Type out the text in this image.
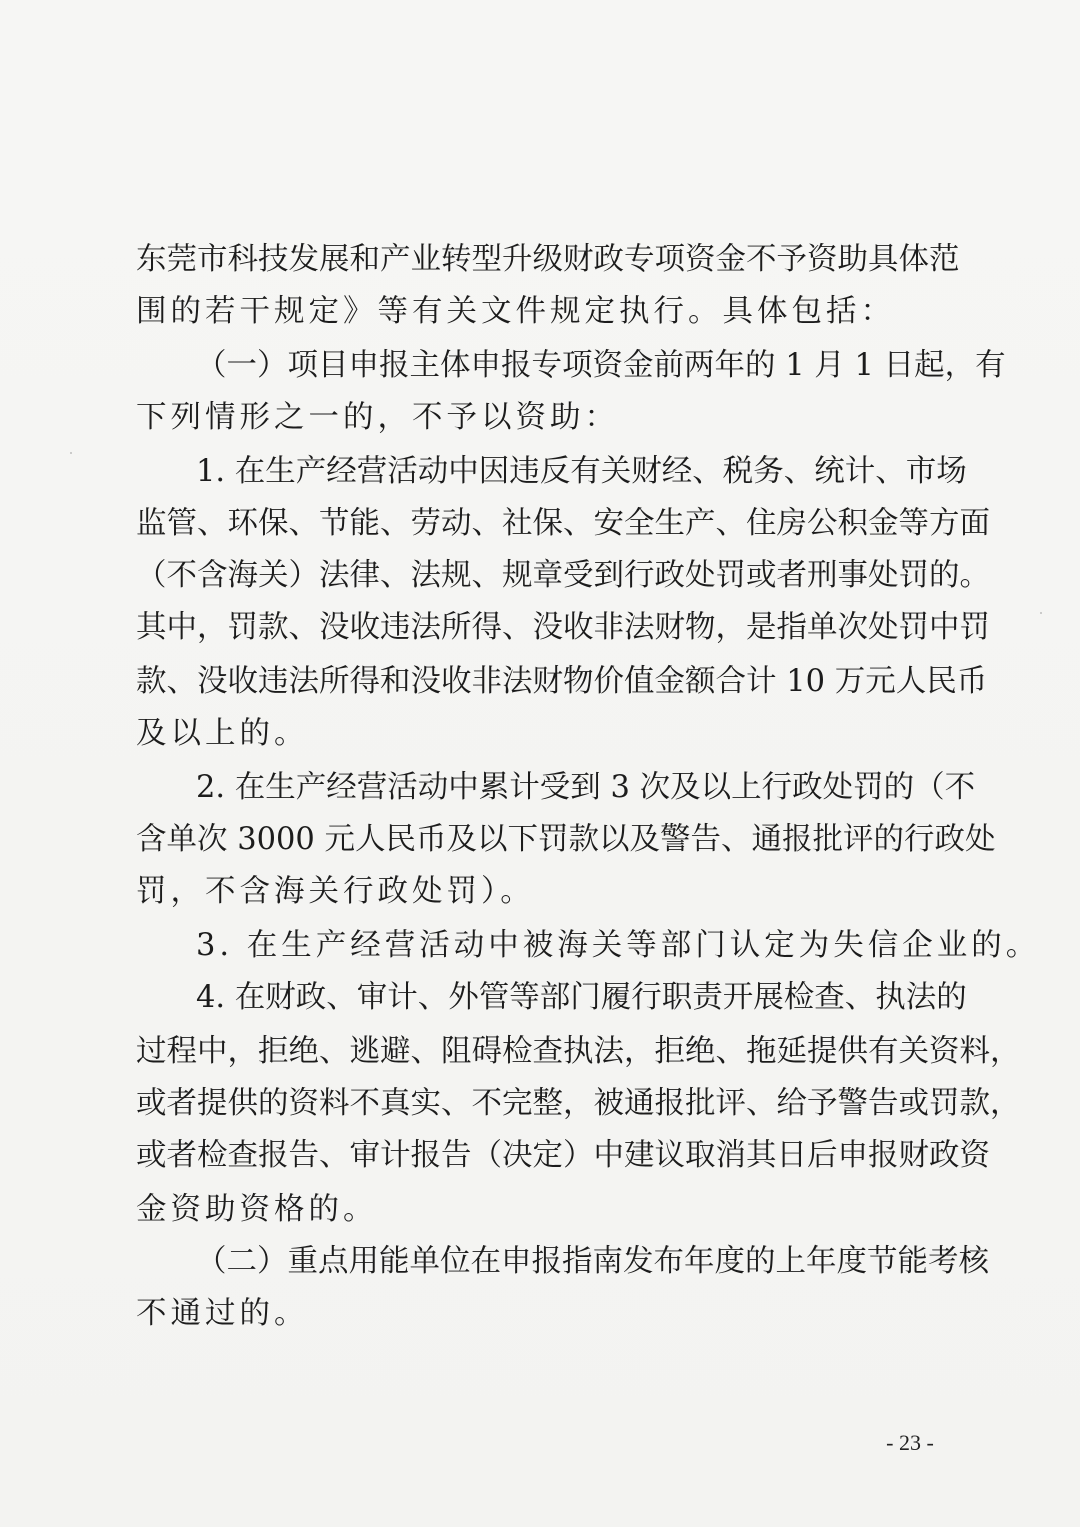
东莞市科技发展和产业转型升级财政专项资金不予资助具体范
围的若干规定》等有关文件规定执行。具体包括：
（一）项目申报主体申报专项资金前两年的 1 月 1 日起，有
下列情形之一的，不予以资助：
1. 在生产经营活动中因违反有关财经、税务、统计、市场
监管、环保、节能、劳动、社保、安全生产、住房公积金等方面
（不含海关）法律、法规、规章受到行政处罚或者刑事处罚的。
其中，罚款、没收违法所得、没收非法财物，是指单次处罚中罚
款、没收违法所得和没收非法财物价值金额合计 10 万元人民币
及以上的。
2. 在生产经营活动中累计受到 3 次及以上行政处罚的（不
含单次 3000 元人民币及以下罚款以及警告、通报批评的行政处
罚，不含海关行政处罚）。
3. 在生产经营活动中被海关等部门认定为失信企业的。
4. 在财政、审计、外管等部门履行职责开展检查、执法的
过程中，拒绝、逃避、阻碍检查执法，拒绝、拖延提供有关资料，
或者提供的资料不真实、不完整，被通报批评、给予警告或罚款，
或者检查报告、审计报告（决定）中建议取消其日后申报财政资
金资助资格的。
（二）重点用能单位在申报指南发布年度的上年度节能考核
不通过的。
- 23 -
